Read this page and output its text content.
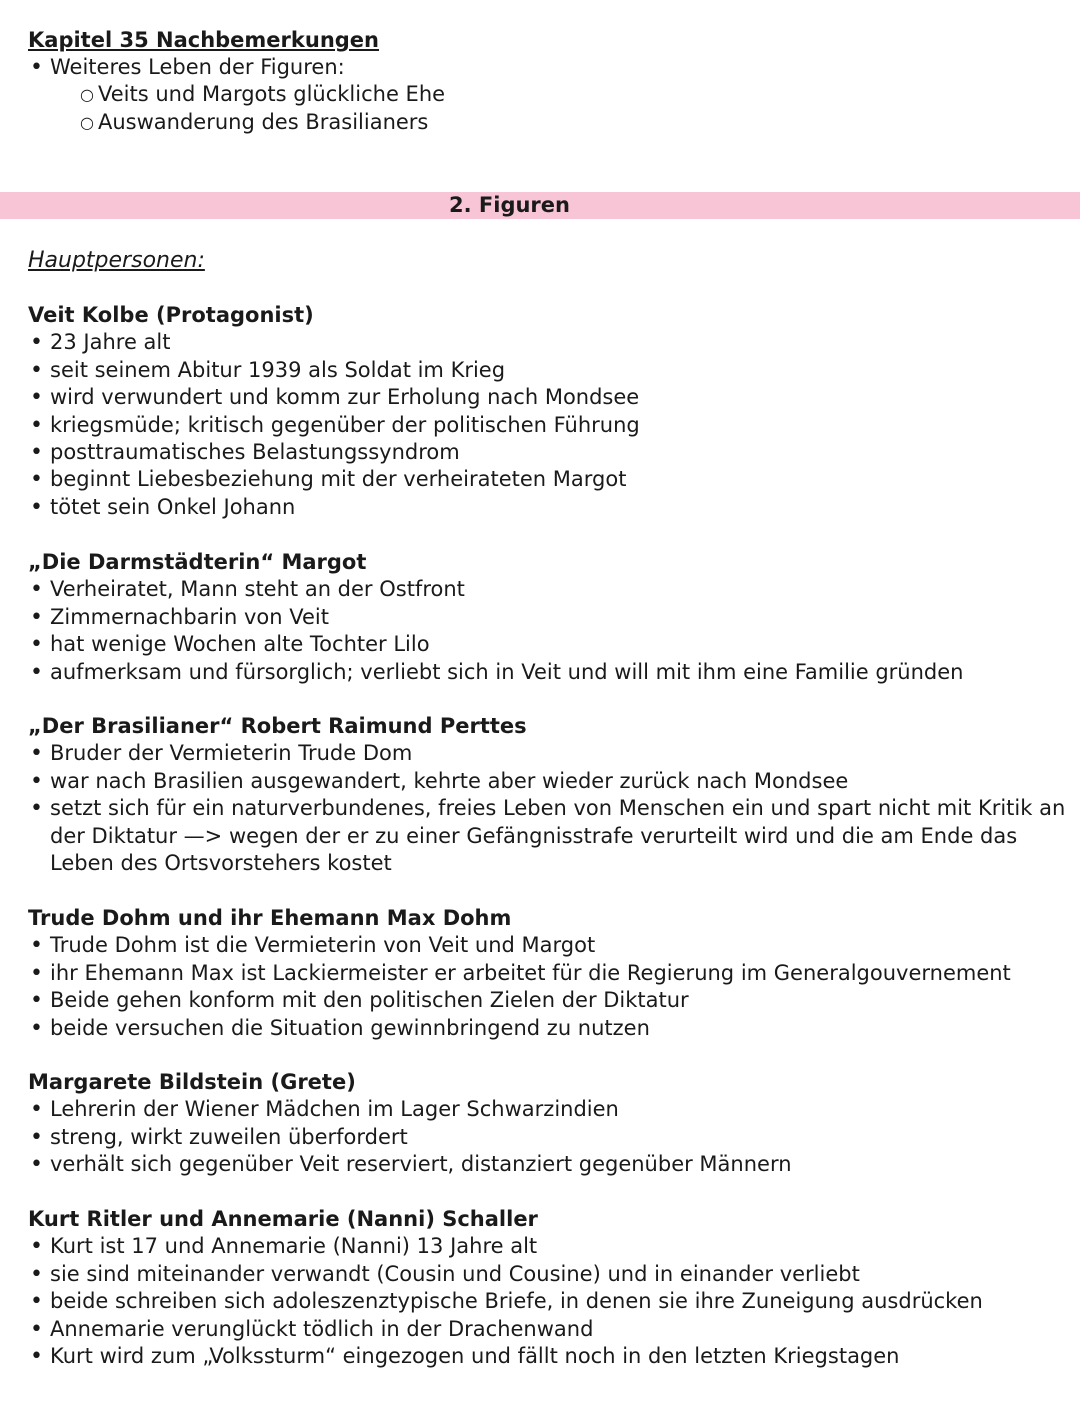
Kapitel 35 Nachbemerkungen

• Weiteres Leben der Figuren:
○ Veits und Margots glückliche Ehe
○ Auswanderung des Brasilianers
2. Figuren

Hauptpersonen:

Veit Kolbe (Protagonist)

• 23 Jahre alt
• seit seinem Abitur 1939 als Soldat im Krieg
• wird verwundert und komm zur Erholung nach Mondsee
• kriegsmüde; kritisch gegenüber der politischen Führung
• posttraumatisches Belastungssyndrom
• beginnt Liebesbeziehung mit der verheirateten Margot
• tötet sein Onkel Johann

„Die Darmstädterin“ Margot

• Verheiratet, Mann steht an der Ostfront
• Zimmernachbarin von Veit
• hat wenige Wochen alte Tochter Lilo
• aufmerksam und fürsorglich; verliebt sich in Veit und will mit ihm eine Familie gründen

„Der Brasilianer“ Robert Raimund Perttes

• Bruder der Vermieterin Trude Dom
• war nach Brasilien ausgewandert, kehrte aber wieder zurück nach Mondsee
• setzt sich für ein naturverbundenes, freies Leben von Menschen ein und spart nicht mit Kritik an der Diktatur —> wegen der er zu einer Gefängnisstrafe verurteilt wird und die am Ende das Leben des Ortsvorstehers kostet

Trude Dohm und ihr Ehemann Max Dohm

• Trude Dohm ist die Vermieterin von Veit und Margot
• ihr Ehemann Max ist Lackiermeister er arbeitet für die Regierung im Generalgouvernement
• Beide gehen konform mit den politischen Zielen der Diktatur
• beide versuchen die Situation gewinnbringend zu nutzen

Margarete Bildstein (Grete)

• Lehrerin der Wiener Mädchen im Lager Schwarzindien
• streng, wirkt zuweilen überfordert
• verhält sich gegenüber Veit reserviert, distanziert gegenüber Männern

Kurt Ritler und Annemarie (Nanni) Schaller

• Kurt ist 17 und Annemarie (Nanni) 13 Jahre alt
• sie sind miteinander verwandt (Cousin und Cousine) und in einander verliebt
• beide schreiben sich adoleszenztypische Briefe, in denen sie ihre Zuneigung ausdrücken
• Annemarie verunglückt tödlich in der Drachenwand
• Kurt wird zum „Volkssturm“ eingezogen und fällt noch in den letzten Kriegstagen
